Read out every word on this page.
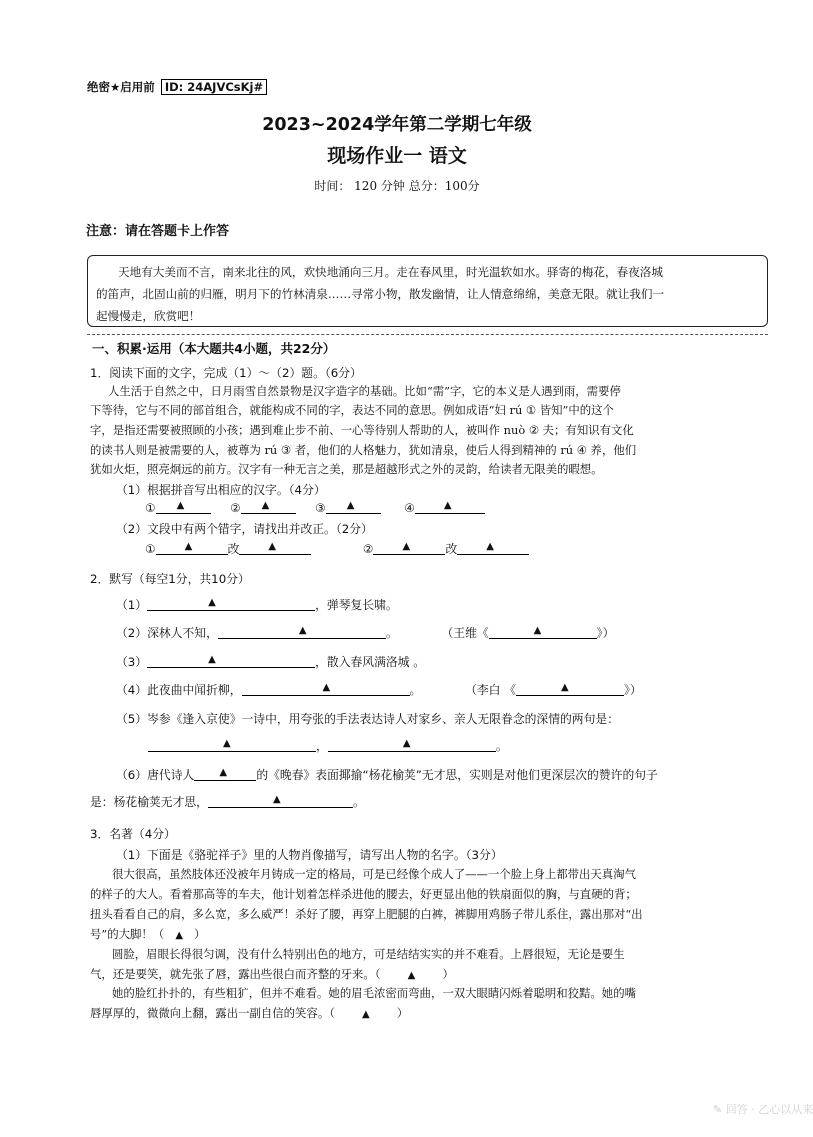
绝密★启用前 ID: 24AJVCsKj#
2023~2024学年第二学期七年级
现场作业一 语文
时间： 120 分钟 总分：100分
注意：请在答题卡上作答
天地有大美而不言，南来北往的风，欢快地涌向三月。走在春风里，时光温软如水。驿寄的梅花，春夜洛城
的笛声，北固山前的归雁，明月下的竹林清泉……寻常小物，散发幽情，让人情意绵绵，美意无限。就让我们一
起慢慢走，欣赏吧！
一、积累·运用（本大题共4小题，共22分）
1．阅读下面的文字，完成（1）～（2）题。（6分）
人生活于自然之中，日月雨雪自然景物是汉字造字的基础。比如“需”字，它的本义是人遇到雨，需要停
下等待，它与不同的部首组合，就能构成不同的字，表达不同的意思。例如成语“妇 rú ① 皆知”中的这个
字，是指还需要被照顾的小孩；遇到难止步不前、一心等待别人帮助的人，被叫作 nuò ② 夫；有知识有文化
的读书人则是被需要的人，被尊为 rú ③ 者，他们的人格魅力，犹如清泉，使后人得到精神的 rú ④ 养，他们
犹如火炬，照亮炯远的前方。汉字有一种无言之美，那是超越形式之外的灵韵，给读者无限美的暇想。
（1）根据拼音写出相应的汉字。（4分）
① ▲	② ▲	③ ▲	④	▲
（2）文段中有两个错字，请找出并改正。（2分）
①	▲	改	▲	②	▲	改	▲
2．默写（每空1分，共10分）
（1）	▲	，弹琴复长啸。
（2）深林人不知，	▲	。	（王维《	▲	》）
（3）	▲	，散入春风满洛城 。
（4）此夜曲中闻折柳，	▲	。	（李白 《	▲	》）
（5）岑参《逢入京使》一诗中，用夸张的手法表达诗人对家乡、亲人无限眷念的深情的两句是：
▲	，	▲	。
（6）唐代诗人	▲ 的《晚春》表面揶揄“杨花榆荚”无才思，实则是对他们更深层次的赞许的句子
是：杨花榆荚无才思，	▲	。
3．名著（4分）
（1）下面是《骆驼祥子》里的人物肖像描写，请写出人物的名字。（3分）
很大很高，虽然肢体还没被年月铸成一定的格局，可是已经像个成人了——一个脸上身上都带出天真淘气
的样子的大人。看着那高等的车夫，他计划着怎样杀进他的腰去，好更显出他的铁扇面似的胸，与直硬的背；
扭头看看自己的肩，多么宽，多么威严！杀好了腰，再穿上肥腿的白裤，裤脚用鸡肠子带儿系住，露出那对“出
号”的大脚！（ ▲ ）
圆脸，眉眼长得很匀调，没有什么特别出色的地方，可是结结实实的并不难看。上唇很短，无论是要生
气，还是要笑，就先张了唇，露出些很白而齐整的牙来。（	▲ ）
她的脸红扑扑的，有些粗犷，但并不难看。她的眉毛浓密而弯曲，一双大眼睛闪烁着聪明和狡黠。她的嘴
唇厚厚的，微微向上翻，露出一副自信的笑容。（	▲ ）
✎ 回答 · 乙心以从来
